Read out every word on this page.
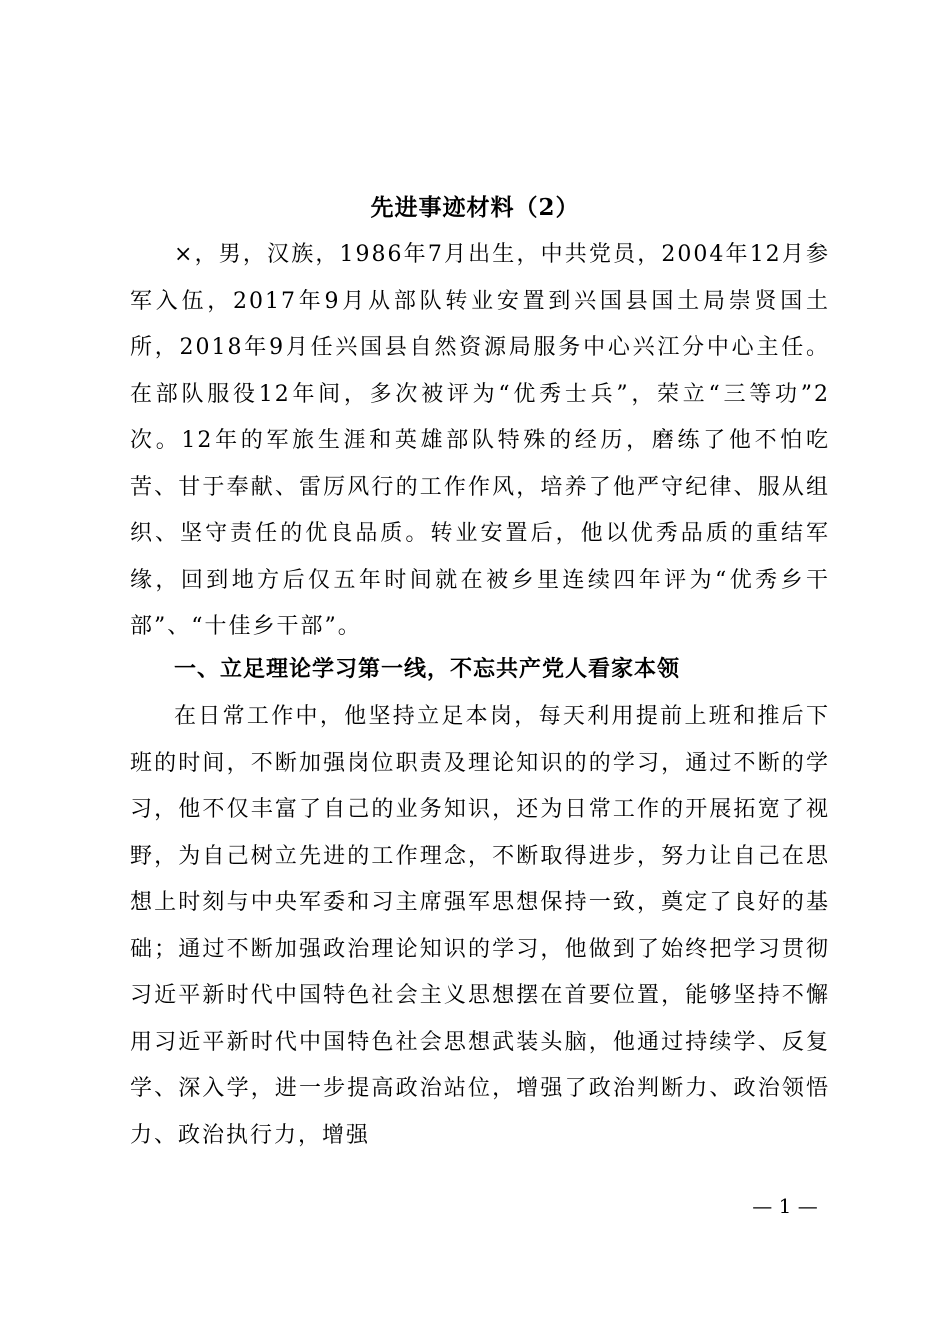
先进事迹材料（2）

×，男，汉族，1986年7月出生，中共党员，2004年12月参军入伍，2017年9月从部队转业安置到兴国县国土局崇贤国土所，2018年9月任兴国县自然资源局服务中心兴江分中心主任。在部队服役12年间，多次被评为“优秀士兵”，荣立“三等功”2次。12年的军旅生涯和英雄部队特殊的经历，磨练了他不怕吃苦、甘于奉献、雷厉风行的工作作风，培养了他严守纪律、服从组织、坚守责任的优良品质。转业安置后，他以优秀品质的重结军缘，回到地方后仅五年时间就在被乡里连续四年评为“优秀乡干部”、“十佳乡干部”。

一、立足理论学习第一线，不忘共产党人看家本领

在日常工作中，他坚持立足本岗，每天利用提前上班和推后下班的时间，不断加强岗位职责及理论知识的的学习，通过不断的学习，他不仅丰富了自己的业务知识，还为日常工作的开展拓宽了视野，为自己树立先进的工作理念，不断取得进步，努力让自己在思想上时刻与中央军委和习主席强军思想保持一致，奠定了良好的基础；通过不断加强政治理论知识的学习，他做到了始终把学习贯彻习近平新时代中国特色社会主义思想摆在首要位置，能够坚持不懈用习近平新时代中国特色社会思想武装头脑，他通过持续学、反复学、深入学，进一步提高政治站位，增强了政治判断力、政治领悟力、政治执行力，增强

— 1 —
